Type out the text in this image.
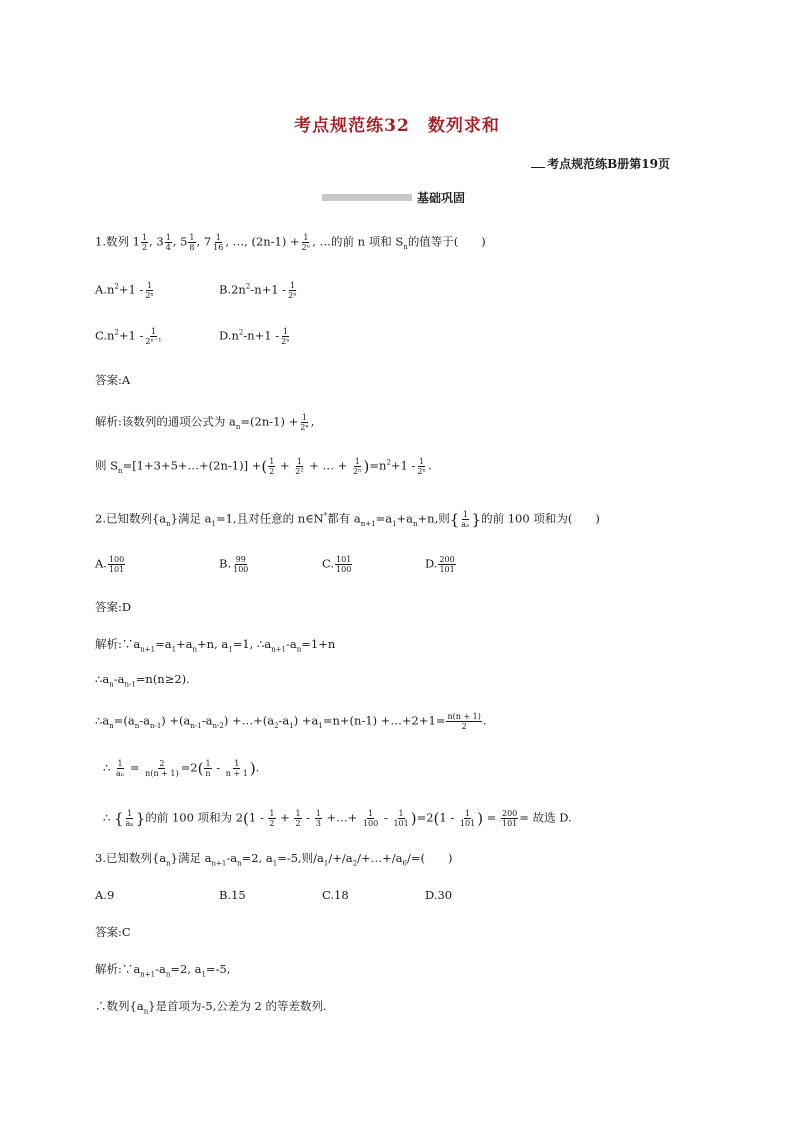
考点规范练32　数列求和
考点规范练B册第19页
基础巩固
1.数列 $1 \frac{1}{2}$ , $3 \frac{1}{4}$ , $5 \frac{1}{8}$ , $7 \frac{1}{16}$ , …, $(2n-1) + \frac{1}{\text{2ⁿ}}$ , …的前 n 项和 $S_n$的值等于(　　)
$A.n^2+1 - \frac{1}{\text{2ⁿ}}$	$B.2n^2-n+1 - \frac{1}{\text{2ⁿ}}$
$C.n^2+1 - \frac{1}{\text{2ⁿ⁻¹}}$	$D.n^2-n+1 - \frac{1}{\text{2ⁿ}}$
答案:A
解析:该数列的通项公式为 $a_n=(2n-1) + \frac{1}{\text{2ⁿ}}$ ,
则 $S_n=[1+3+5+\dots+(2n-1)]$ +( $\frac{1}{2} + \frac{1}{\text{2²}}$ + … + $\frac{1}{\text{2ⁿ}} )=n^2+1 - \frac{1}{\text{2ⁿ}}$ .
2.已知数列$\{a_n\}$满足 $a_1=1$,且对任意的 n∈N*都有 $a_{n+1}=a_1+a_n+n$,则{ $\frac{1}{\text{aₙ}}$ }的前 100 项和为(　　)
A. $\frac{100}{101}$	B. $\frac{99}{100}$	C. $\frac{101}{100}$	D. $\frac{200}{101}$
答案:D
解析$:\because a_{n+1}=a_1+a_n+n$, $a_1=1$, $\therefore a_{n+1}-a_n=1+n$
$\therefore a_n-a_{n-1}=n(n\ge 2)$.
$\therefore a_n=(a_n-a_{n-1}) +(a_{n-1}-a_{n-2})$ $+\dots+(a_2-a_1) +a_1=n+(n-1)$ +…+2+1= $\frac{n(n + 1)}{2}$ .
∴ $\frac{1}{\text{aₙ}} = \frac{2}{n(n + 1)} =2( \frac{1}{n} - \frac{1}{n + 1}$ ).
∴ { $\frac{1}{\text{aₙ}}$ }的前 100 项和为 $2(1 - \frac{1}{2} + \frac{1}{2} - \frac{1}{3}$ +…+ $\frac{1}{100} - \frac{1}{101} )=2(1 - \frac{1}{101}$ ) = $\frac{200}{101}$ = 故选 D.
3.已知数列$\{a_n\}$满足 $a_{n+1}-a_n=2$, $a_1=-5$,则$/a_1/+/a_2/+\dots+/a_6/=$(　　)
A.9	B.15	C.18	D.30
答案:C
解析$:\because a_{n+1}-a_n=2$, $a_1=-5$,
∴数列$\{a_n\}$是首项为-5,公差为 2 的等差数列.
